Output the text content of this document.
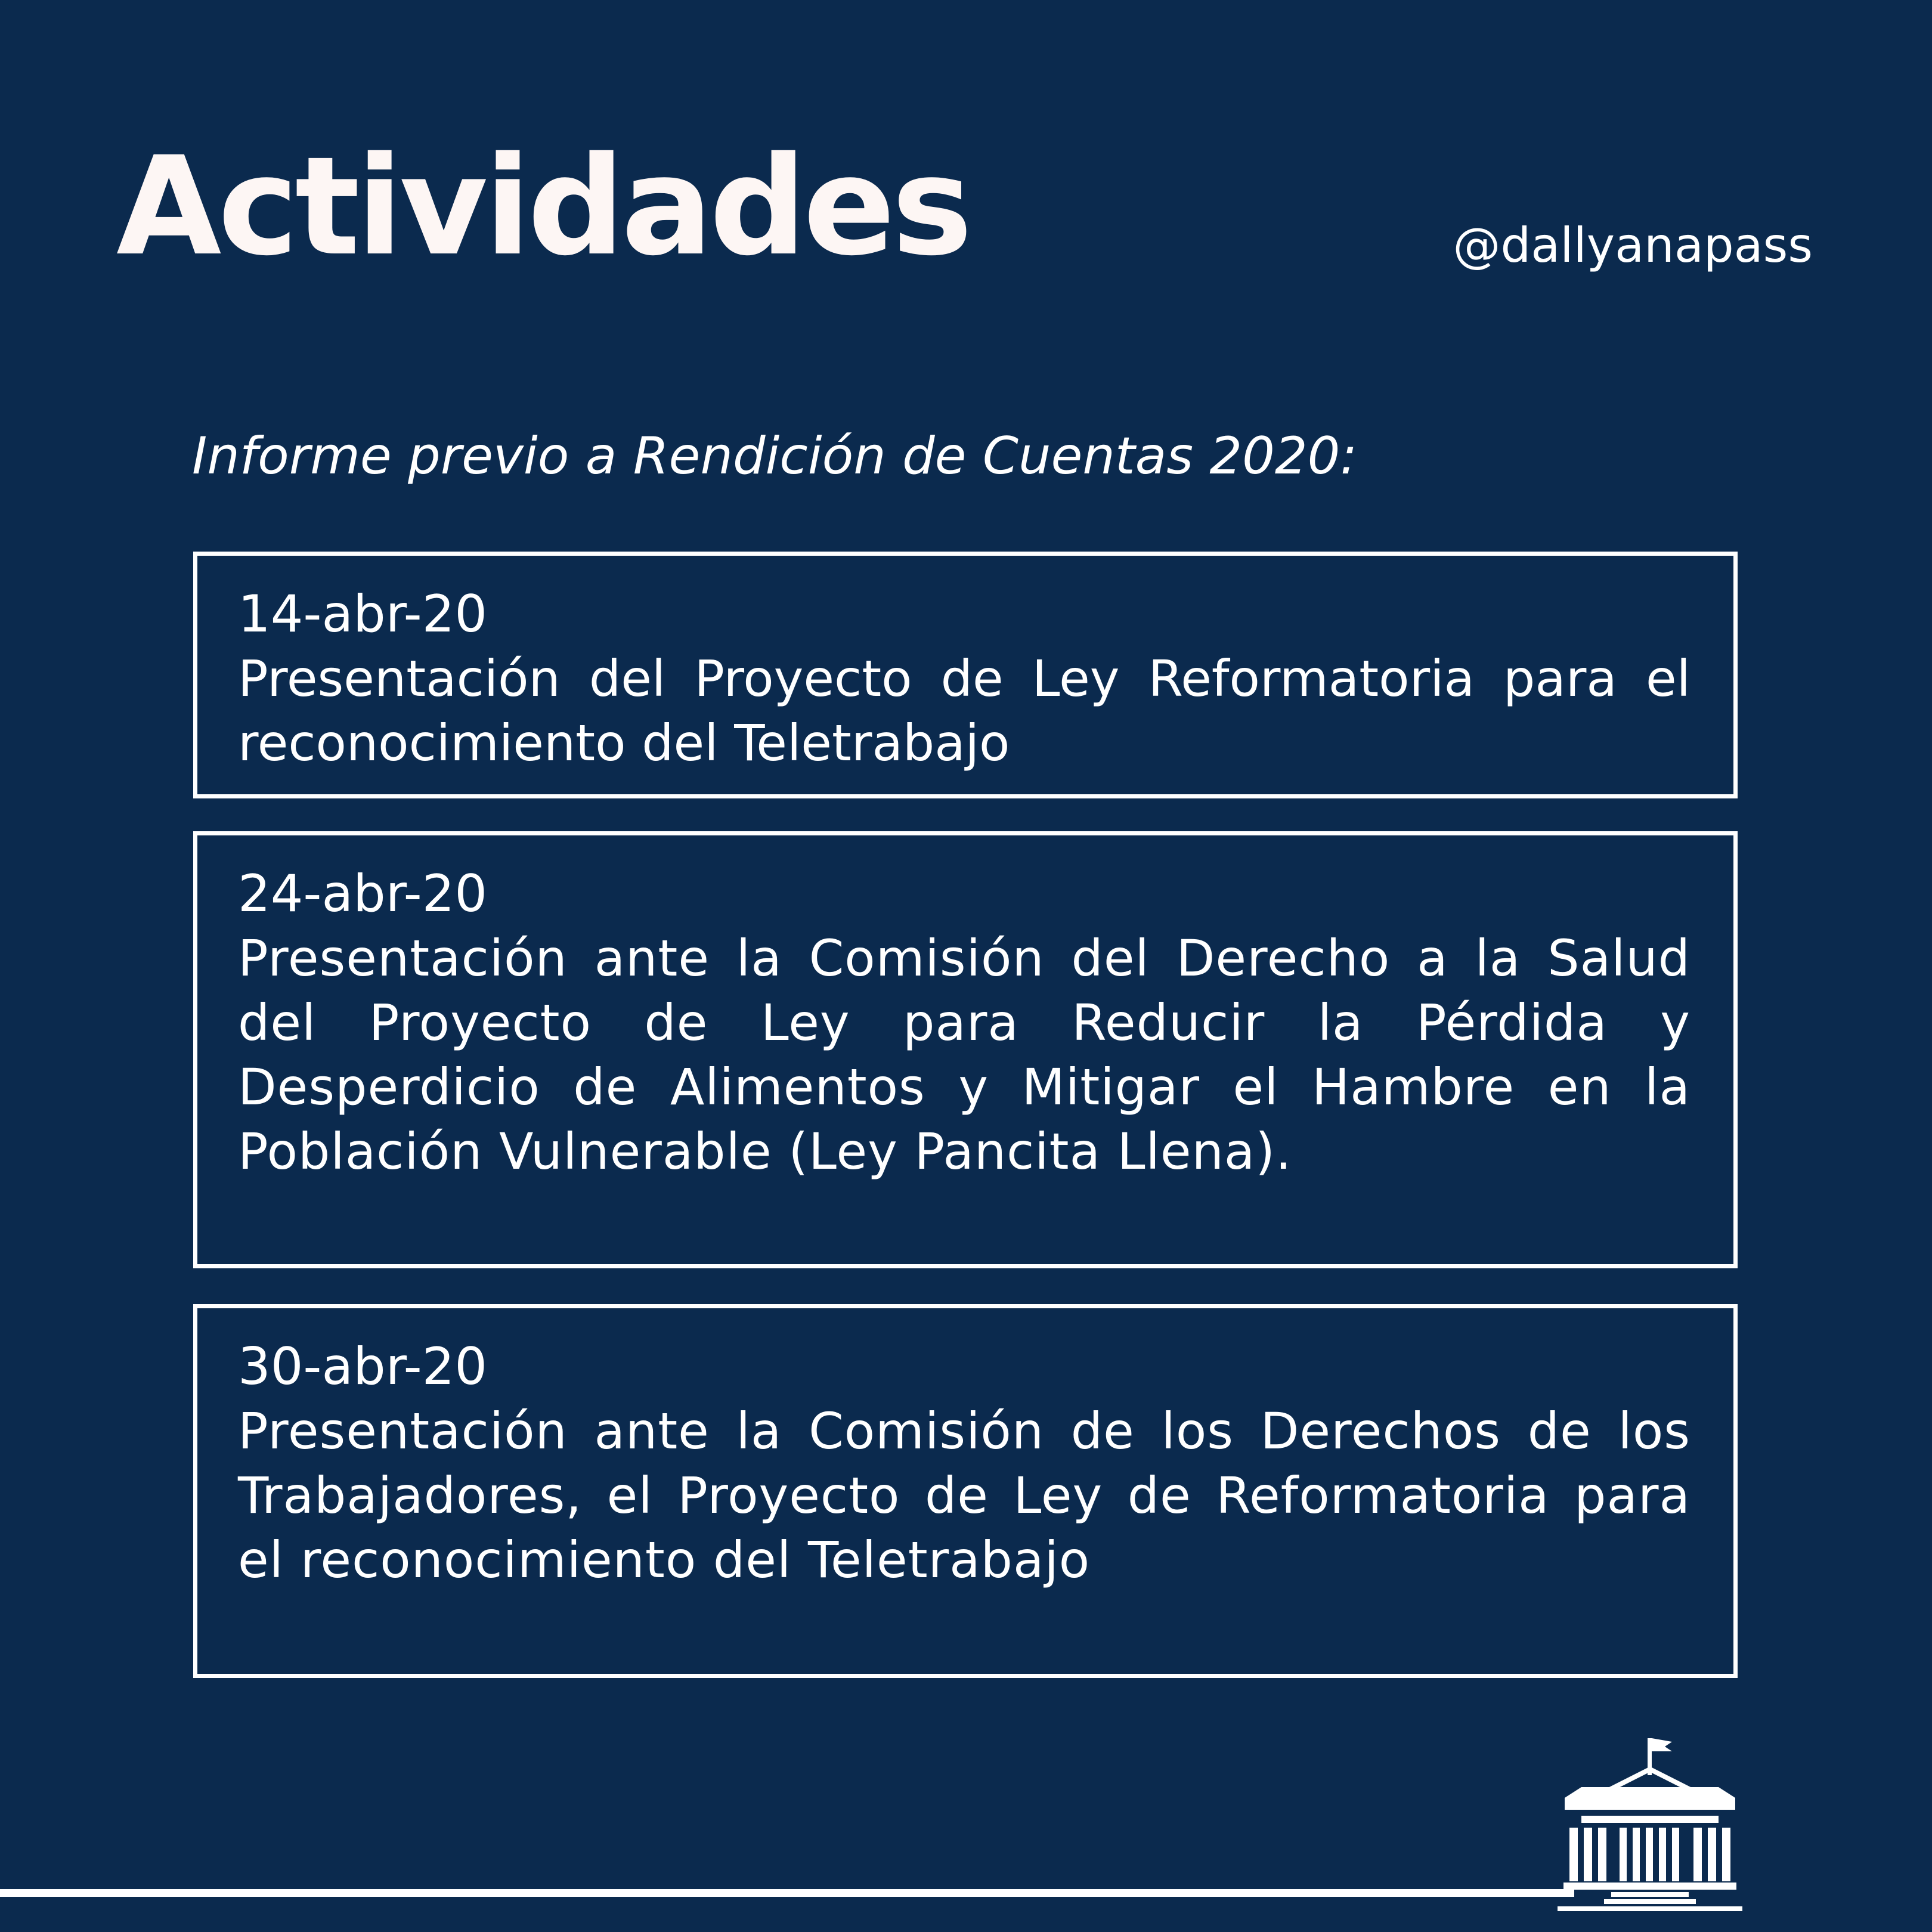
Actividades	@dallyanapass
Informe previo a Rendición de Cuentas 2020:
14-abr-20
Presentación del Proyecto de Ley Reformatoria para el reconocimiento del Teletrabajo
24-abr-20
Presentación ante la Comisión del Derecho a la Salud del Proyecto de Ley para Reducir la Pérdida y Desperdicio de Alimentos y Mitigar el Hambre en la Población Vulnerable (Ley Pancita Llena).
30-abr-20
Presentación ante la Comisión de los Derechos de los Trabajadores, el Proyecto de Ley de Reformatoria para el reconocimiento del Teletrabajo
